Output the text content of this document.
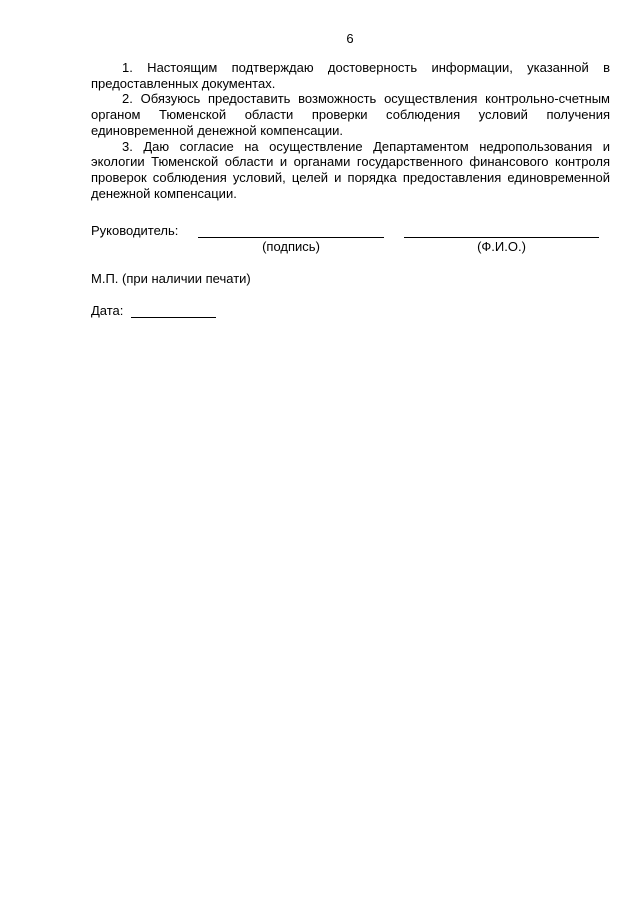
6

1. Настоящим подтверждаю достоверность информации, указанной в предоставленных документах.

2. Обязуюсь предоставить возможность осуществления контрольно-счетным органом Тюменской области проверки соблюдения условий получения единовременной денежной компенсации.

3. Даю согласие на осуществление Департаментом недропользования и экологии Тюменской области и органами государственного финансового контроля проверок соблюдения условий, целей и порядка предоставления единовременной денежной компенсации.

Руководитель:
(подпись)	(Ф.И.О.)
М.П. (при наличии печати)
Дата:
